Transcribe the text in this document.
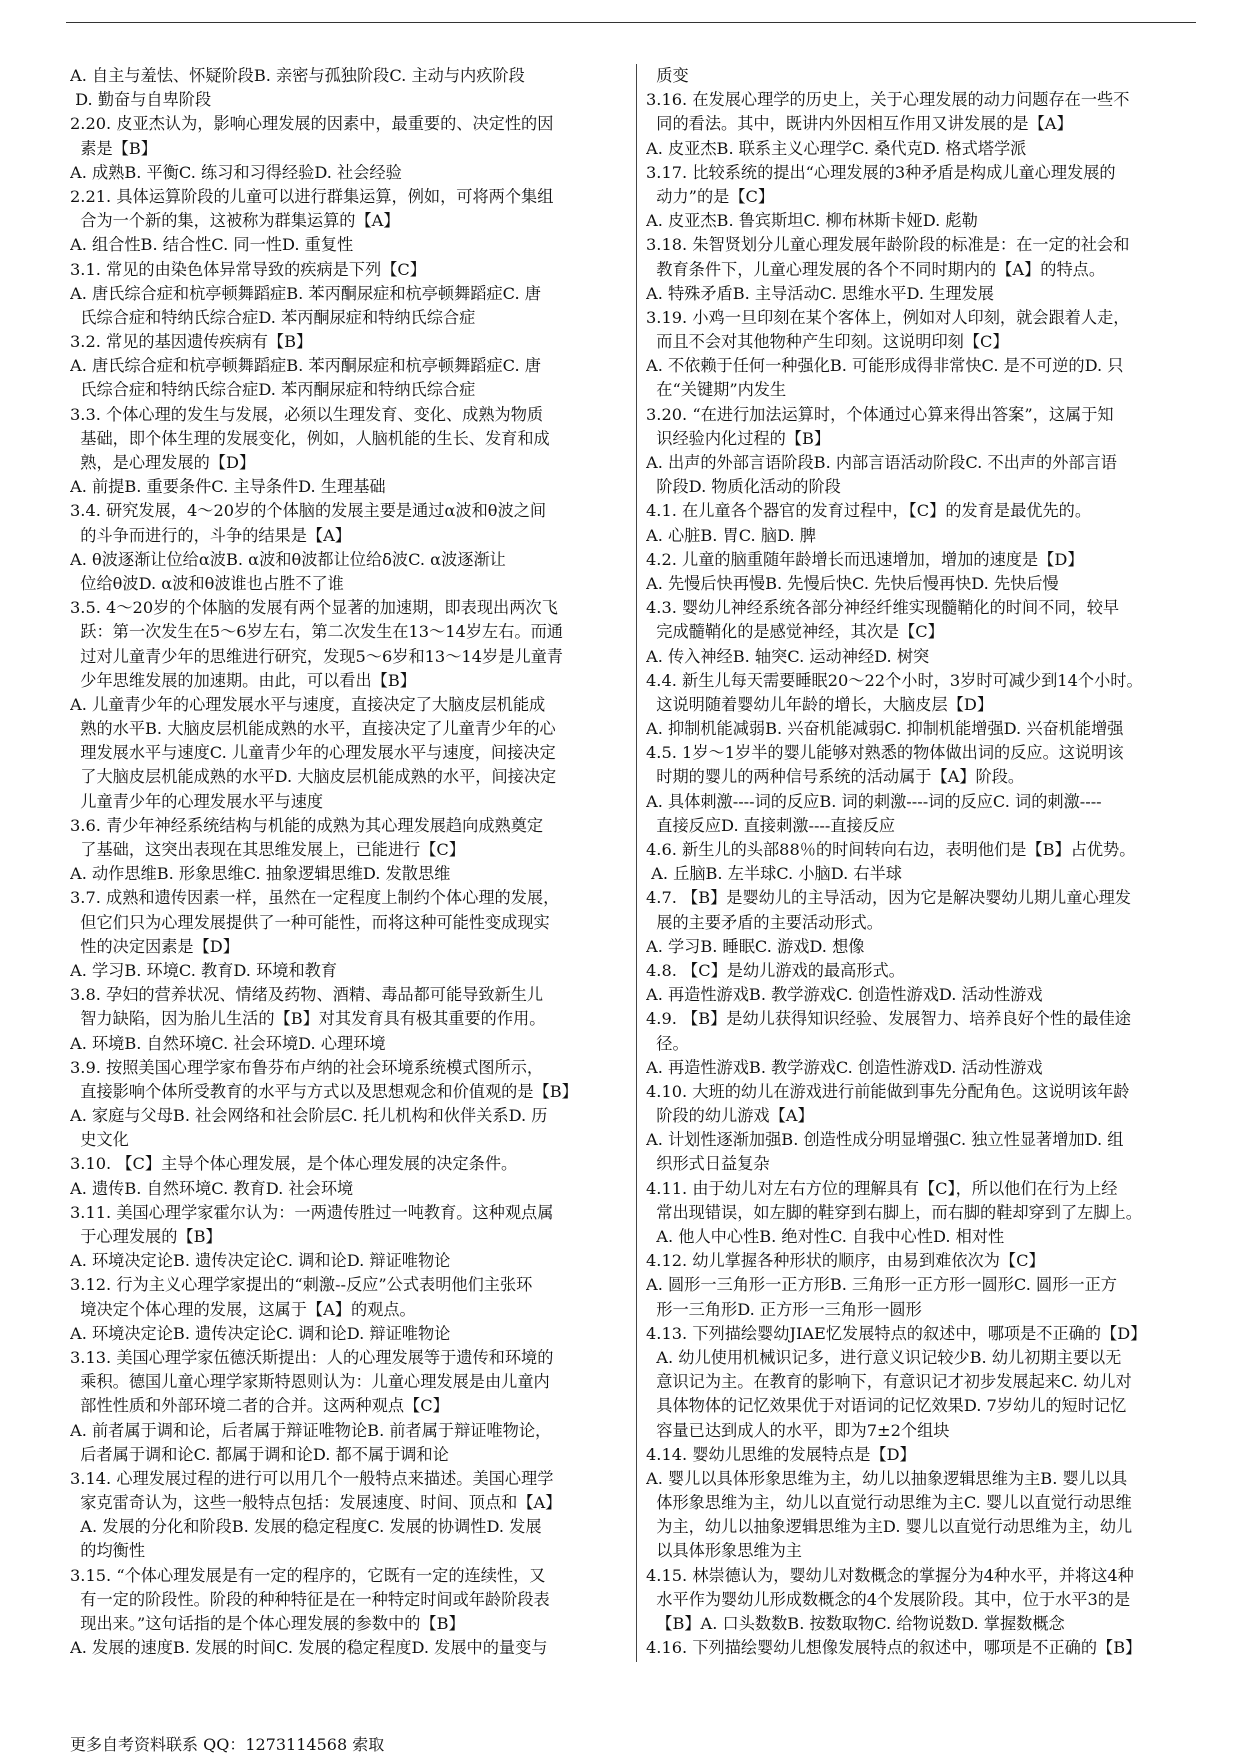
A. 自主与羞怯、怀疑阶段B. 亲密与孤独阶段C. 主动与内疚阶段
D. 勤奋与自卑阶段
2.20. 皮亚杰认为，影响心理发展的因素中，最重要的、决定性的因
素是【B】
A. 成熟B. 平衡C. 练习和习得经验D. 社会经验
2.21. 具体运算阶段的儿童可以进行群集运算，例如，可将两个集组
合为一个新的集，这被称为群集运算的【A】
A. 组合性B. 结合性C. 同一性D. 重复性
3.1. 常见的由染色体异常导致的疾病是下列【C】
A. 唐氏综合症和杭亭顿舞蹈症B. 苯丙酮尿症和杭亭顿舞蹈症C. 唐
氏综合症和特纳氏综合症D. 苯丙酮尿症和特纳氏综合症
3.2. 常见的基因遗传疾病有【B】
A. 唐氏综合症和杭亭顿舞蹈症B. 苯丙酮尿症和杭亭顿舞蹈症C. 唐
氏综合症和特纳氏综合症D. 苯丙酮尿症和特纳氏综合症
3.3. 个体心理的发生与发展，必须以生理发育、变化、成熟为物质
基础，即个体生理的发展变化，例如，人脑机能的生长、发育和成
熟，是心理发展的【D】
A. 前提B. 重要条件C. 主导条件D. 生理基础
3.4. 研究发展，4～20岁的个体脑的发展主要是通过α波和θ波之间
的斗争而进行的，斗争的结果是【A】
A. θ波逐渐让位给α波B. α波和θ波都让位给δ波C. α波逐渐让
位给θ波D. α波和θ波谁也占胜不了谁
3.5. 4～20岁的个体脑的发展有两个显著的加速期，即表现出两次飞
跃：第一次发生在5～6岁左右，第二次发生在13～14岁左右。而通
过对儿童青少年的思维进行研究，发现5～6岁和13～14岁是儿童青
少年思维发展的加速期。由此，可以看出【B】
A. 儿童青少年的心理发展水平与速度，直接决定了大脑皮层机能成
熟的水平B. 大脑皮层机能成熟的水平，直接决定了儿童青少年的心
理发展水平与速度C. 儿童青少年的心理发展水平与速度，间接决定
了大脑皮层机能成熟的水平D. 大脑皮层机能成熟的水平，间接决定
儿童青少年的心理发展水平与速度
3.6. 青少年神经系统结构与机能的成熟为其心理发展趋向成熟奠定
了基础，这突出表现在其思维发展上，已能进行【C】
A. 动作思维B. 形象思维C. 抽象逻辑思维D. 发散思维
3.7. 成熟和遗传因素一样，虽然在一定程度上制约个体心理的发展，
但它们只为心理发展提供了一种可能性，而将这种可能性变成现实
性的决定因素是【D】
A. 学习B. 环境C. 教育D. 环境和教育
3.8. 孕妇的营养状况、情绪及药物、酒精、毒品都可能导致新生儿
智力缺陷，因为胎儿生活的【B】对其发育具有极其重要的作用。
A. 环境B. 自然环境C. 社会环境D. 心理环境
3.9. 按照美国心理学家布鲁芬布卢纳的社会环境系统模式图所示，
直接影响个体所受教育的水平与方式以及思想观念和价值观的是【B】
A. 家庭与父母B. 社会网络和社会阶层C. 托儿机构和伙伴关系D. 历
史文化
3.10. 【C】主导个体心理发展，是个体心理发展的决定条件。
A. 遗传B. 自然环境C. 教育D. 社会环境
3.11. 美国心理学家霍尔认为：一两遗传胜过一吨教育。这种观点属
于心理发展的【B】
A. 环境决定论B. 遗传决定论C. 调和论D. 辩证唯物论
3.12. 行为主义心理学家提出的“刺激--反应”公式表明他们主张环
境决定个体心理的发展，这属于【A】的观点。
A. 环境决定论B. 遗传决定论C. 调和论D. 辩证唯物论
3.13. 美国心理学家伍德沃斯提出：人的心理发展等于遗传和环境的
乘积。德国儿童心理学家斯特恩则认为：儿童心理发展是由儿童内
部性性质和外部环境二者的合并。这两种观点【C】
A. 前者属于调和论，后者属于辩证唯物论B. 前者属于辩证唯物论，
后者属于调和论C. 都属于调和论D. 都不属于调和论
3.14. 心理发展过程的进行可以用几个一般特点来描述。美国心理学
家克雷奇认为，这些一般特点包括：发展速度、时间、顶点和【A】
A. 发展的分化和阶段B. 发展的稳定程度C. 发展的协调性D. 发展
的均衡性
3.15. “个体心理发展是有一定的程序的，它既有一定的连续性，又
有一定的阶段性。阶段的种种特征是在一种特定时间或年龄阶段表
现出来。”这句话指的是个体心理发展的参数中的【B】
A. 发展的速度B. 发展的时间C. 发展的稳定程度D. 发展中的量变与
质变
3.16. 在发展心理学的历史上，关于心理发展的动力问题存在一些不
同的看法。其中，既讲内外因相互作用又讲发展的是【A】
A. 皮亚杰B. 联系主义心理学C. 桑代克D. 格式塔学派
3.17. 比较系统的提出“心理发展的3种矛盾是构成儿童心理发展的
动力”的是【C】
A. 皮亚杰B. 鲁宾斯坦C. 柳布林斯卡娅D. 彪勒
3.18. 朱智贤划分儿童心理发展年龄阶段的标准是：在一定的社会和
教育条件下，儿童心理发展的各个不同时期内的【A】的特点。
A. 特殊矛盾B. 主导活动C. 思维水平D. 生理发展
3.19. 小鸡一旦印刻在某个客体上，例如对人印刻，就会跟着人走，
而且不会对其他物种产生印刻。这说明印刻【C】
A. 不依赖于任何一种强化B. 可能形成得非常快C. 是不可逆的D. 只
在“关键期”内发生
3.20. “在进行加法运算时，个体通过心算来得出答案”，这属于知
识经验内化过程的【B】
A. 出声的外部言语阶段B. 内部言语活动阶段C. 不出声的外部言语
阶段D. 物质化活动的阶段
4.1. 在儿童各个器官的发育过程中，【C】的发育是最优先的。
A. 心脏B. 胃C. 脑D. 脾
4.2. 儿童的脑重随年龄增长而迅速增加，增加的速度是【D】
A. 先慢后快再慢B. 先慢后快C. 先快后慢再快D. 先快后慢
4.3. 婴幼儿神经系统各部分神经纤维实现髓鞘化的时间不同，较早
完成髓鞘化的是感觉神经，其次是【C】
A. 传入神经B. 轴突C. 运动神经D. 树突
4.4. 新生儿每天需要睡眠20～22个小时，3岁时可减少到14个小时。
这说明随着婴幼儿年龄的增长，大脑皮层【D】
A. 抑制机能减弱B. 兴奋机能减弱C. 抑制机能增强D. 兴奋机能增强
4.5. 1岁～1岁半的婴儿能够对熟悉的物体做出词的反应。这说明该
时期的婴儿的两种信号系统的活动属于【A】阶段。
A. 具体刺激----词的反应B. 词的刺激----词的反应C. 词的刺激----
直接反应D. 直接刺激----直接反应
4.6. 新生儿的头部88％的时间转向右边，表明他们是【B】占优势。
A. 丘脑B. 左半球C. 小脑D. 右半球
4.7. 【B】是婴幼儿的主导活动，因为它是解决婴幼儿期儿童心理发
展的主要矛盾的主要活动形式。
A. 学习B. 睡眠C. 游戏D. 想像
4.8. 【C】是幼儿游戏的最高形式。
A. 再造性游戏B. 教学游戏C. 创造性游戏D. 活动性游戏
4.9. 【B】是幼儿获得知识经验、发展智力、培养良好个性的最佳途
径。
A. 再造性游戏B. 教学游戏C. 创造性游戏D. 活动性游戏
4.10. 大班的幼儿在游戏进行前能做到事先分配角色。这说明该年龄
阶段的幼儿游戏【A】
A. 计划性逐渐加强B. 创造性成分明显增强C. 独立性显著增加D. 组
织形式日益复杂
4.11. 由于幼儿对左右方位的理解具有【C】，所以他们在行为上经
常出现错误，如左脚的鞋穿到右脚上，而右脚的鞋却穿到了左脚上。
A. 他人中心性B. 绝对性C. 自我中心性D. 相对性
4.12. 幼儿掌握各种形状的顺序，由易到难依次为【C】
A. 圆形一三角形一正方形B. 三角形一正方形一圆形C. 圆形一正方
形一三角形D. 正方形一三角形一圆形
4.13. 下列描绘婴幼JIAE忆发展特点的叙述中，哪项是不正确的【D】
A. 幼儿使用机械识记多，进行意义识记较少B. 幼儿初期主要以无
意识记为主。在教育的影响下，有意识记才初步发展起来C. 幼儿对
具体物体的记忆效果优于对语词的记忆效果D. 7岁幼儿的短时记忆
容量已达到成人的水平，即为7±2个组块
4.14. 婴幼儿思维的发展特点是【D】
A. 婴儿以具体形象思维为主，幼儿以抽象逻辑思维为主B. 婴儿以具
体形象思维为主，幼儿以直觉行动思维为主C. 婴儿以直觉行动思维
为主，幼儿以抽象逻辑思维为主D. 婴儿以直觉行动思维为主，幼儿
以具体形象思维为主
4.15. 林崇德认为，婴幼儿对数概念的掌握分为4种水平，并将这4种
水平作为婴幼儿形成数概念的4个发展阶段。其中，位于水平3的是
【B】A. 口头数数B. 按数取物C. 给物说数D. 掌握数概念
4.16. 下列描绘婴幼儿想像发展特点的叙述中，哪项是不正确的【B】
更多自考资料联系 QQ：1273114568 索取
